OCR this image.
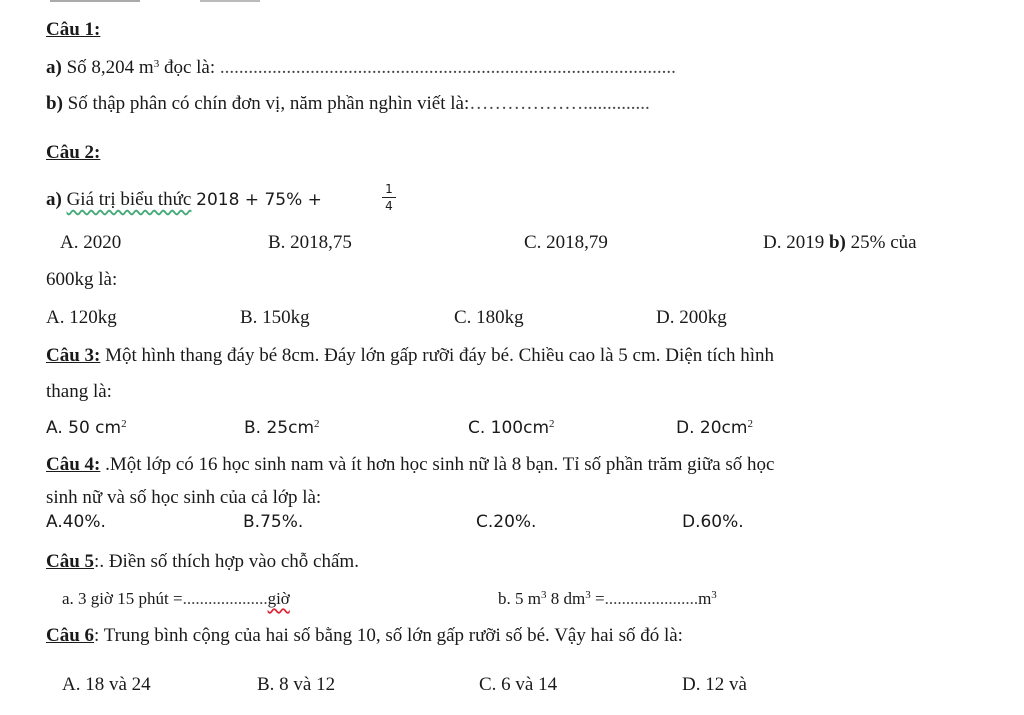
Câu 1:
a) Số 8,204 $m^3$ đọc là: ................................................................................................
b) Số thập phân có chín đơn vị, năm phần nghìn viết là:………………..............
Câu 2:
a) Giá trị biểu thức 2018 + 75% +
1
4
A. 2020	B. 2018,75	C. 2018,79	D. 2019 b) 25% của
600kg là:
A. 120kg	B. 150kg	C. 180kg	D. 200kg
Câu 3: Một hình thang đáy bé 8cm. Đáy lớn gấp rưỡi đáy bé. Chiều cao là 5 cm. Diện tích hình
thang là:
A. 50 $cm^2$	B. $25cm^2$	C. $100cm^2$	D. $20cm^2$
Câu 4: .Một lớp có 16 học sinh nam và ít hơn học sinh nữ là 8 bạn. Tỉ số phần trăm giữa số học
sinh nữ và số học sinh của cả lớp là:
A.40%.	B.75%.	C.20%.	D.60%.
Câu 5:. Điền số thích hợp vào chỗ chấm.
a. 3 giờ 15 phút =....................giờ	b. 5 $m^3$ 8 $dm^3 =......................m^3$
Câu 6: Trung bình cộng của hai số bằng 10, số lớn gấp rưỡi số bé. Vậy hai số đó là:
A. 18 và 24	B. 8 và 12	C. 6 và 14	D. 12 và
